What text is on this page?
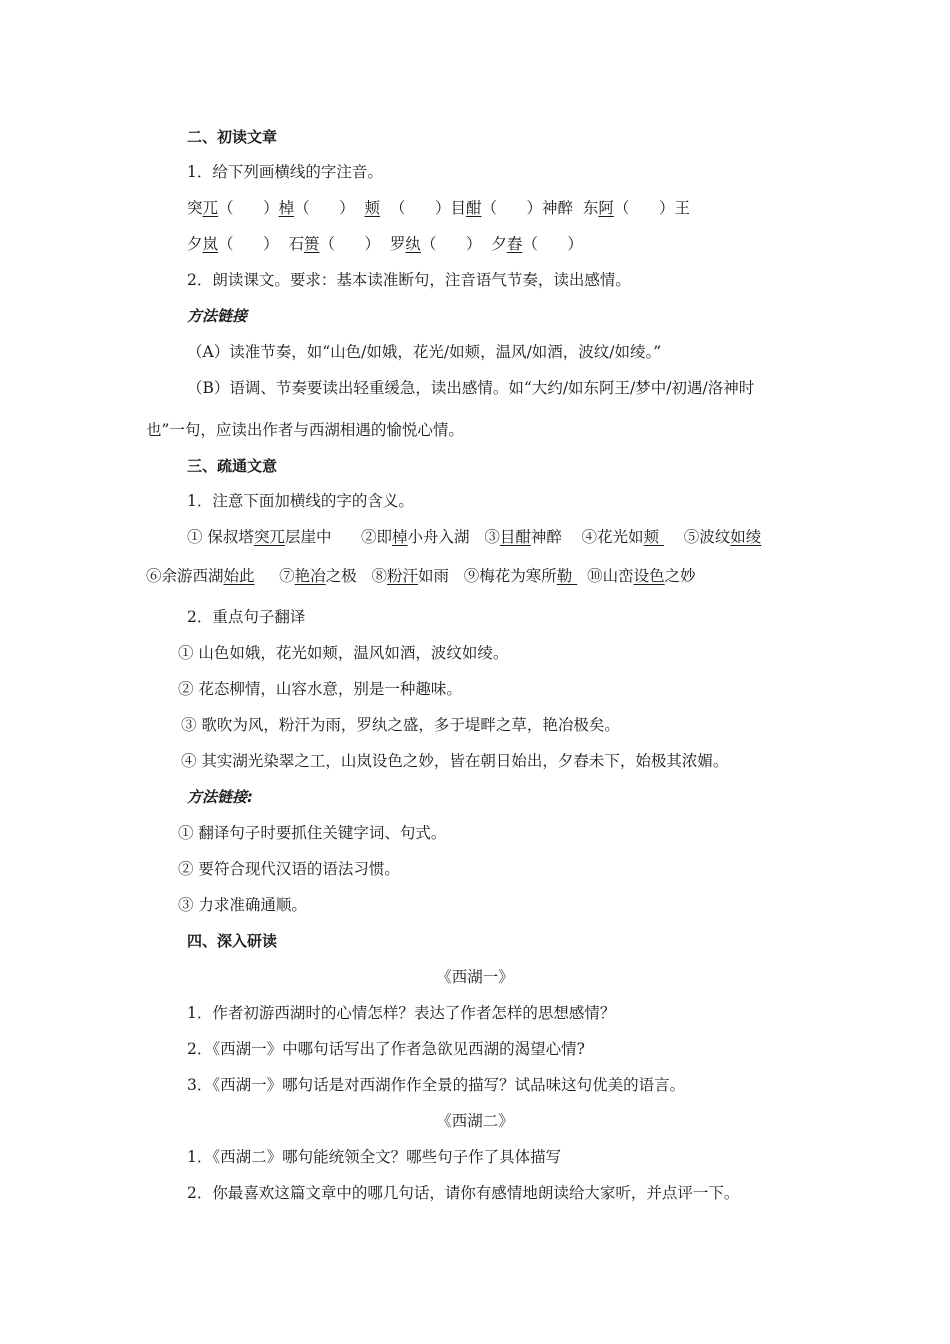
二、初读文章
1．给下列画横线的字注音。
突兀（      ）棹（      ）  颊  （      ）目酣（      ）神醉  东阿（      ）王
夕岚（      ）  石篑（      ）  罗纨（      ）  夕舂（      ）
2．朗读课文。要求：基本读准断句，注音语气节奏，读出感情。
方法链接
（A）读准节奏，如“山色/如娥，花光/如颊，温风/如酒，波纹/如绫。”
（B）语调、节奏要读出轻重缓急，读出感情。如“大约/如东阿王/梦中/初遇/洛神时
也”一句，应读出作者与西湖相遇的愉悦心情。
三、疏通文意
1．注意下面加横线的字的含义。
① 保叔塔突兀层崖中      ②即棹小舟入湖   ③目酣神醉    ④花光如颊     ⑤波纹如绫
⑥余游西湖始此     ⑦艳冶之极   ⑧粉汗如雨   ⑨梅花为寒所勒   ⑩山峦设色之妙
2．重点句子翻译
① 山色如娥，花光如颊，温风如酒，波纹如绫。
② 花态柳情，山容水意，别是一种趣味。
③ 歌吹为风，粉汗为雨，罗纨之盛，多于堤畔之草，艳冶极矣。
④ 其实湖光染翠之工，山岚设色之妙，皆在朝日始出，夕舂未下，始极其浓媚。
方法链接:
① 翻译句子时要抓住关键字词、句式。
② 要符合现代汉语的语法习惯。
③ 力求准确通顺。
四、深入研读
《西湖一》
1．作者初游西湖时的心情怎样？表达了作者怎样的思想感情？
2．《西湖一》中哪句话写出了作者急欲见西湖的渴望心情?
3．《西湖一》哪句话是对西湖作作全景的描写？试品味这句优美的语言。
《西湖二》
1．《西湖二》哪句能统领全文？哪些句子作了具体描写
2．你最喜欢这篇文章中的哪几句话，请你有感情地朗读给大家听，并点评一下。
